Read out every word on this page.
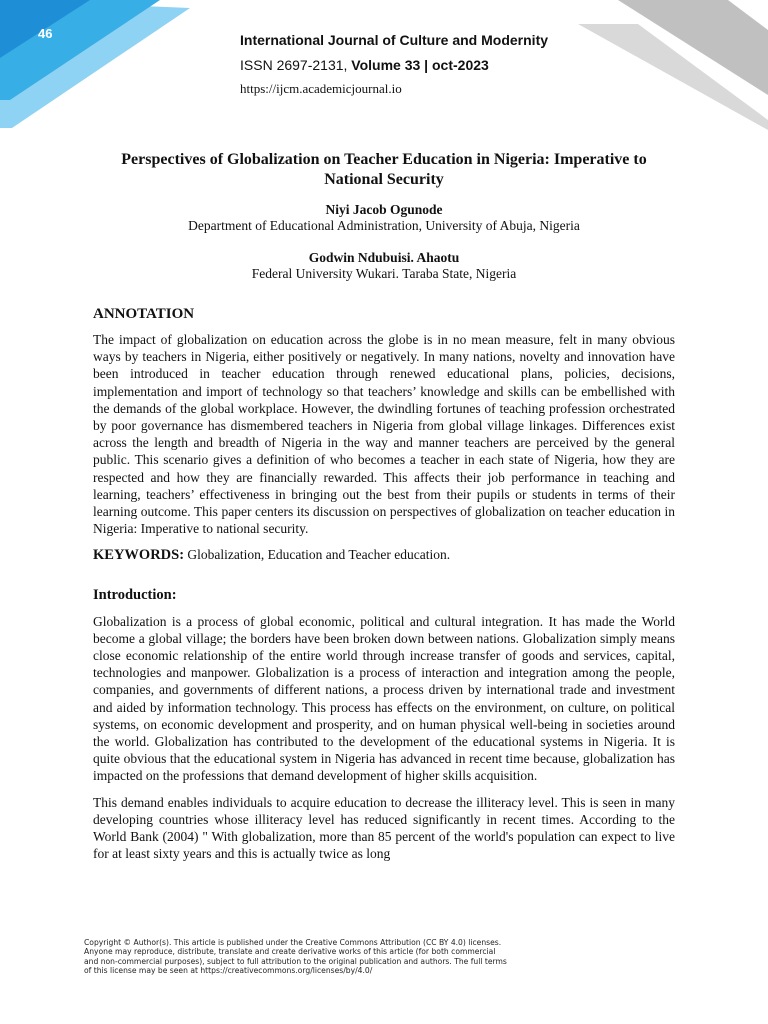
46	International Journal of Culture and Modernity
ISSN 2697-2131, Volume 33 | oct-2023
https://ijcm.academicjournal.io
Perspectives of Globalization on Teacher Education in Nigeria: Imperative to National Security
Niyi Jacob Ogunode
Department of Educational Administration, University of Abuja, Nigeria
Godwin Ndubuisi. Ahaotu
Federal University Wukari. Taraba State, Nigeria
ANNOTATION

The impact of globalization on education across the globe is in no mean measure, felt in many obvious ways by teachers in Nigeria, either positively or negatively. In many nations, novelty and innovation have been introduced in teacher education through renewed educational plans, policies, decisions, implementation and import of technology so that teachers’ knowledge and skills can be embellished with the demands of the global workplace. However, the dwindling fortunes of teaching profession orchestrated by poor governance has dismembered teachers in Nigeria from global village linkages. Differences exist across the length and breadth of Nigeria in the way and manner teachers are perceived by the general public. This scenario gives a definition of who becomes a teacher in each state of Nigeria, how they are respected and how they are financially rewarded. This affects their job performance in teaching and learning, teachers’ effectiveness in bringing out the best from their pupils or students in terms of their learning outcome. This paper centers its discussion on perspectives of globalization on teacher education in Nigeria: Imperative to national security.

KEYWORDS: Globalization, Education and Teacher education.
Introduction:

Globalization is a process of global economic, political and cultural integration. It has made the World become a global village; the borders have been broken down between nations. Globalization simply means close economic relationship of the entire world through increase transfer of goods and services, capital, technologies and manpower. Globalization is a process of interaction and integration among the people, companies, and governments of different nations, a process driven by international trade and investment and aided by information technology. This process has effects on the environment, on culture, on political systems, on economic development and prosperity, and on human physical well-being in societies around the world. Globalization has contributed to the development of the educational systems in Nigeria. It is quite obvious that the educational system in Nigeria has advanced in recent time because, globalization has impacted on the professions that demand development of higher skills acquisition.

This demand enables individuals to acquire education to decrease the illiteracy level. This is seen in many developing countries whose illiteracy level has reduced significantly in recent times. According to the World Bank (2004) " With globalization, more than 85 percent of the world's population can expect to live for at least sixty years and this is actually twice as long

Copyright © Author(s). This article is published under the Creative Commons Attribution (CC BY 4.0) licenses.
Anyone may reproduce, distribute, translate and create derivative works of this article (for both commercial
and non-commercial purposes), subject to full attribution to the original publication and authors. The full terms
of this license may be seen at https://creativecommons.org/licenses/by/4.0/
